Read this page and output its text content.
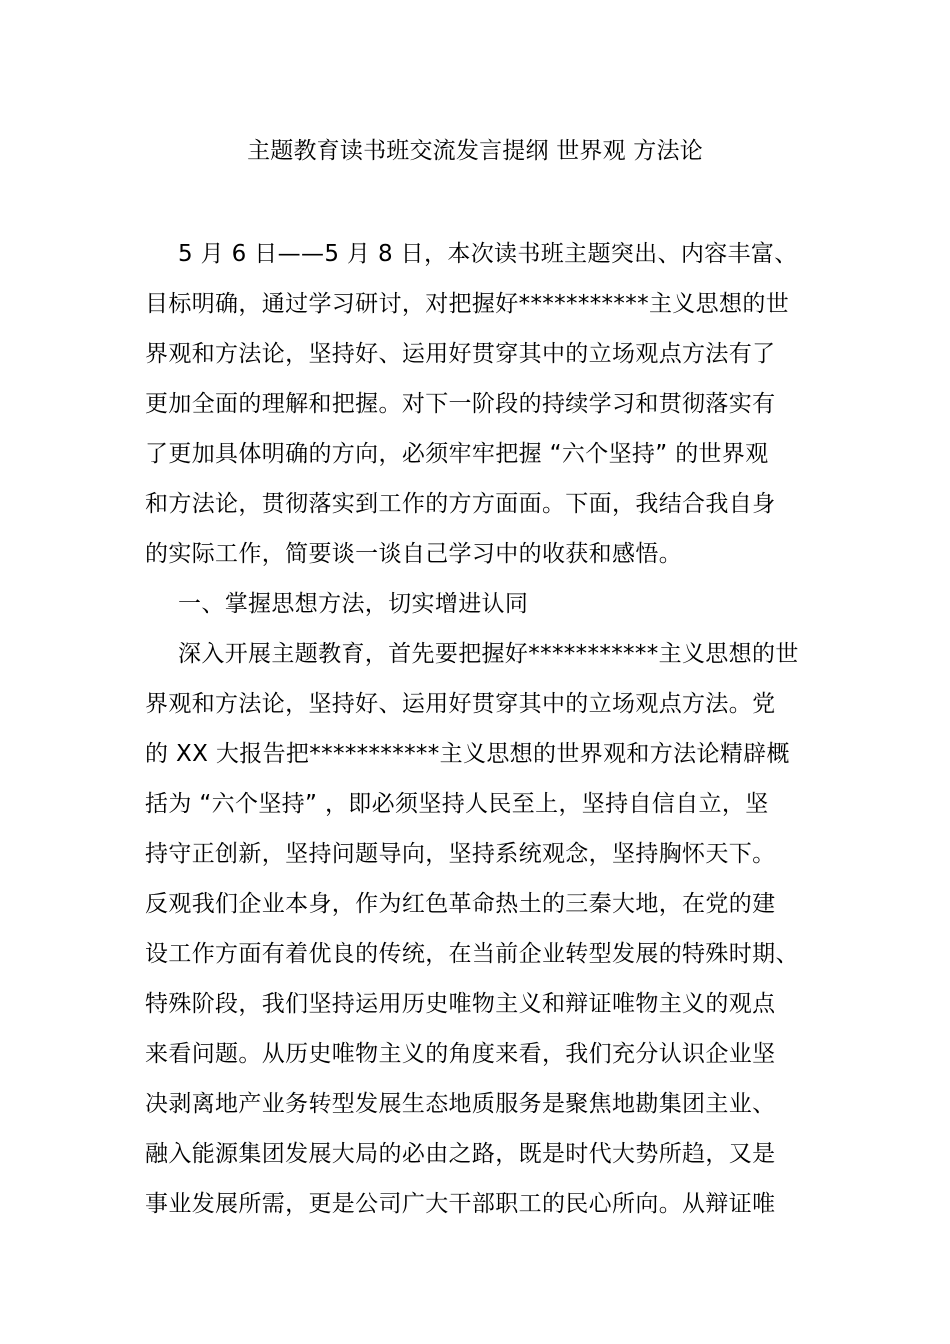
主题教育读书班交流发言提纲 世界观 方法论
5 月 6 日——5 月 8 日，本次读书班主题突出、内容丰富、
目标明确，通过学习研讨，对把握好***********主义思想的世
界观和方法论，坚持好、运用好贯穿其中的立场观点方法有了
更加全面的理解和把握。对下一阶段的持续学习和贯彻落实有
了更加具体明确的方向，必须牢牢把握 “六个坚持” 的世界观
和方法论，贯彻落实到工作的方方面面。下面，我结合我自身
的实际工作，简要谈一谈自己学习中的收获和感悟。
一、掌握思想方法，切实增进认同
深入开展主题教育，首先要把握好***********主义思想的世
界观和方法论，坚持好、运用好贯穿其中的立场观点方法。党
的 XX 大报告把***********主义思想的世界观和方法论精辟概
括为 “六个坚持” ，即必须坚持人民至上，坚持自信自立，坚
持守正创新，坚持问题导向，坚持系统观念，坚持胸怀天下。
反观我们企业本身，作为红色革命热土的三秦大地，在党的建
设工作方面有着优良的传统，在当前企业转型发展的特殊时期、
特殊阶段，我们坚持运用历史唯物主义和辩证唯物主义的观点
来看问题。从历史唯物主义的角度来看，我们充分认识企业坚
决剥离地产业务转型发展生态地质服务是聚焦地勘集团主业、
融入能源集团发展大局的必由之路，既是时代大势所趋，又是
事业发展所需，更是公司广大干部职工的民心所向。从辩证唯
